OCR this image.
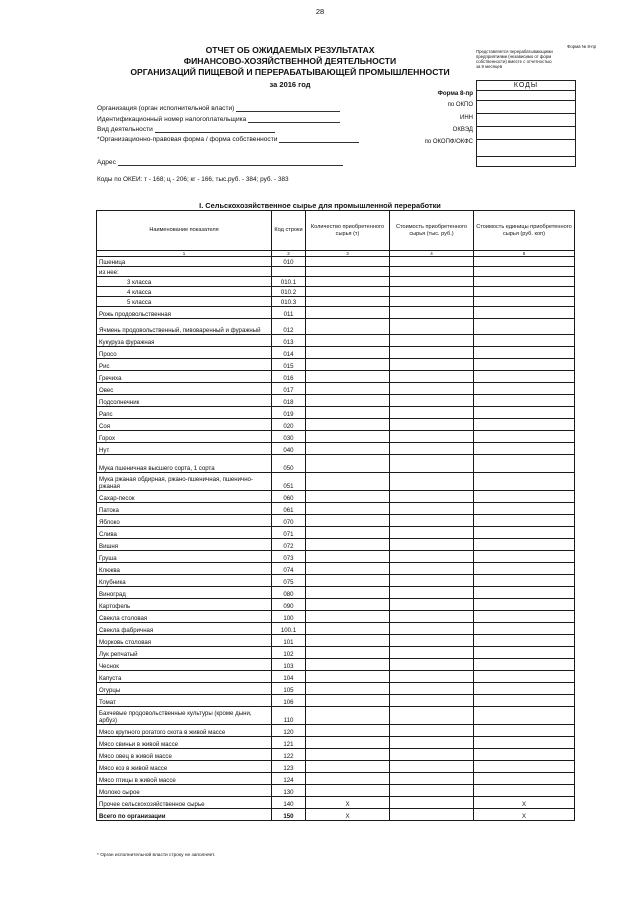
28
ОТЧЕТ ОБ ОЖИДАЕМЫХ РЕЗУЛЬТАТАХ
ФИНАНСОВО-ХОЗЯЙСТВЕННОЙ ДЕЯТЕЛЬНОСТИ
ОРГАНИЗАЦИЙ ПИЩЕВОЙ И ПЕРЕРАБАТЫВАЮЩЕЙ ПРОМЫШЛЕННОСТИ
за 2016 год
Форма № 8-пр
Представляется перерабатывающими
предприятиями (независимо от форм
собственности) вместе с отчетностью
за 9 месяцев
КОДЫ
Форма 8-пр
по ОКПО
ИНН
ОКВЭД
по ОКОПФ/ОКФС
Организация (орган исполнительной власти)
Идентификационный номер налогоплательщика
Вид деятельности
*Организационно-правовая форма / форма собственности
Адрес
Коды по ОКЕИ: т - 168; ц - 206; кг - 166, тыс.руб. - 384; руб. - 383
I. Сельскохозяйственное сырье для промышленной переработки
Наименование показателя	Код строки	Количество приобретенного сырья (т)	Стоимость приобретенного сырья (тыс. руб.)	Стоимость единицы приобретенного сырья (руб. коп)
1	2	3	4	5
Пшеница	010			
из нее:				
3 класса	010.1			
4 класса	010.2			
5 класса	010.3			
Рожь продовольственная	011			
Ячмень продовольственный, пивоваренный и фуражный	012			
Кукуруза фуражная	013			
Просо	014			
Рис	015			
Гречиха	016			
Овес	017			
Подсолнечник	018			
Рапс	019			
Соя	020			
Горох	030			
Нут	040			
Мука пшеничная высшего сорта, 1 сорта	050			
Мука ржаная обдирная, ржано-пшеничная, пшенично-ржаная	051			
Сахар-песок	060			
Патока	061			
Яблоко	070			
Слива	071			
Вишня	072			
Груша	073			
Клюква	074			
Клубника	075			
Виноград	080			
Картофель	090			
Свекла столовая	100			
Свекла фабричная	100.1			
Морковь столовая	101			
Лук репчатый	102			
Чеснок	103			
Капуста	104			
Огурцы	105			
Томат	106			
Бахчевые продовольственные культуры (кроме дыни, арбуз)	110			
Мясо крупного рогатого скота в живой массе	120			
Мясо свиньи в живой массе	121			
Мясо овец в живой массе	122			
Мясо коз в живой массе	123			
Мясо птицы в живой массе	124			
Молоко сырое	130			
Прочее сельскохозяйственное сырье	140	X		X
Всего по организации	150	X		X
* Орган исполнительной власти строку не заполняет.
